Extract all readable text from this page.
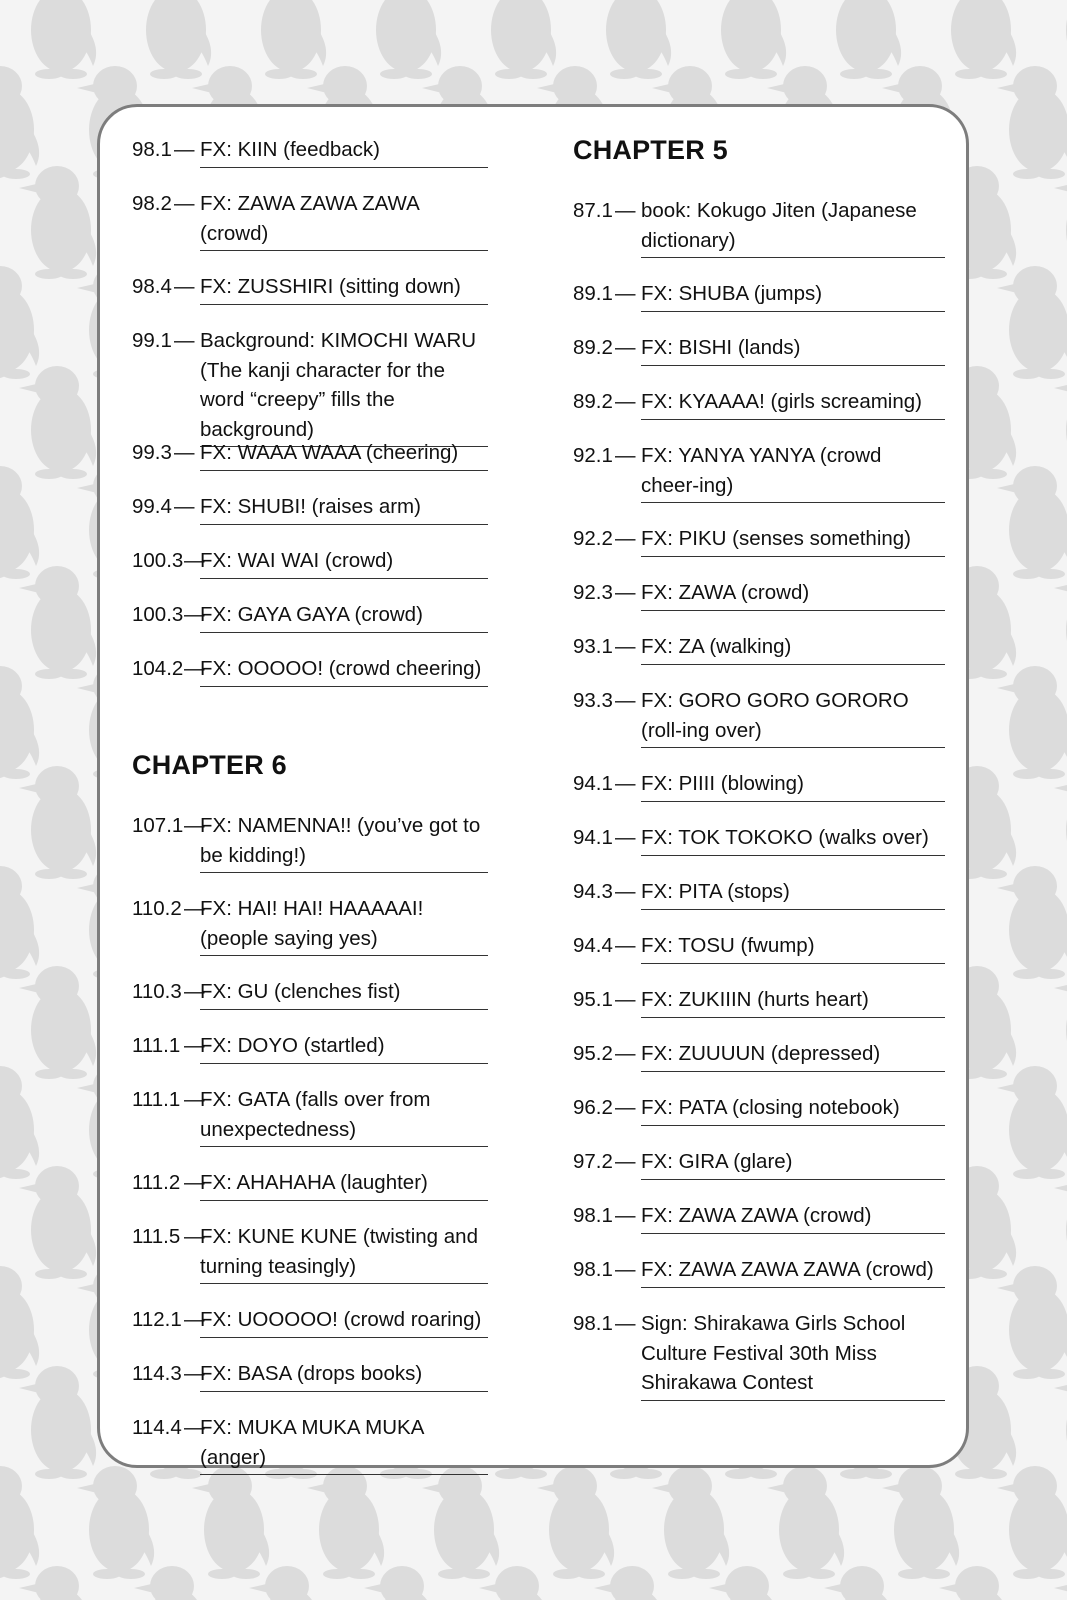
98.1 — FX: KIIN (feedback)
98.2 — FX: ZAWA ZAWA ZAWA (crowd)
98.4 — FX: ZUSSHIRI (sitting down)
99.1 — Background: KIMOCHI WARU (The kanji character for the word “creepy” fills the background)
99.3 — FX: WAAA WAAA (cheering)
99.4 — FX: SHUBI! (raises arm)
100.3 —
FX: WAI WAI (crowd)
100.3 —
FX: GAYA GAYA (crowd)
104.2 —
FX: OOOOO! (crowd cheering)
CHAPTER 6
107.1 —
FX: NAMENNA!! (you’ve got to be kidding!)
110.2 —
FX: HAI! HAI! HAAAAAI! (people saying yes)
110.3 —
FX: GU (clenches fist)
111.1 —
FX: DOYO (startled)
111.1 —
FX: GATA (falls over from unexpectedness)
111.2 —
FX: AHAHAHA (laughter)
111.5 —
FX: KUNE KUNE (twisting and turning teasingly)
112.1 —
FX: UOOOOO! (crowd roaring)
114.3 —
FX: BASA (drops books)
114.4 —
FX: MUKA MUKA MUKA (anger)
CHAPTER 5
87.1 — book: Kokugo Jiten (Japanese dictionary)
89.1 — FX: SHUBA (jumps)
89.2 — FX: BISHI (lands)
89.2 — FX: KYAAAA! (girls screaming)
92.1 — FX: YANYA YANYA (crowd cheer-ing)
92.2 — FX: PIKU (senses something)
92.3 — FX: ZAWA (crowd)
93.1 — FX: ZA (walking)
93.3 — FX: GORO GORO GORORO (roll-ing over)
94.1 — FX: PIIII (blowing)
94.1 — FX: TOK TOKOKO (walks over)
94.3 — FX: PITA (stops)
94.4 — FX: TOSU (fwump)
95.1 — FX: ZUKIIIN (hurts heart)
95.2 — FX: ZUUUUN (depressed)
96.2 — FX: PATA (closing notebook)
97.2 — FX: GIRA (glare)
98.1 — FX: ZAWA ZAWA (crowd)
98.1 — FX: ZAWA ZAWA ZAWA (crowd)
98.1 — Sign: Shirakawa Girls School Culture Festival 30th Miss Shirakawa Contest
